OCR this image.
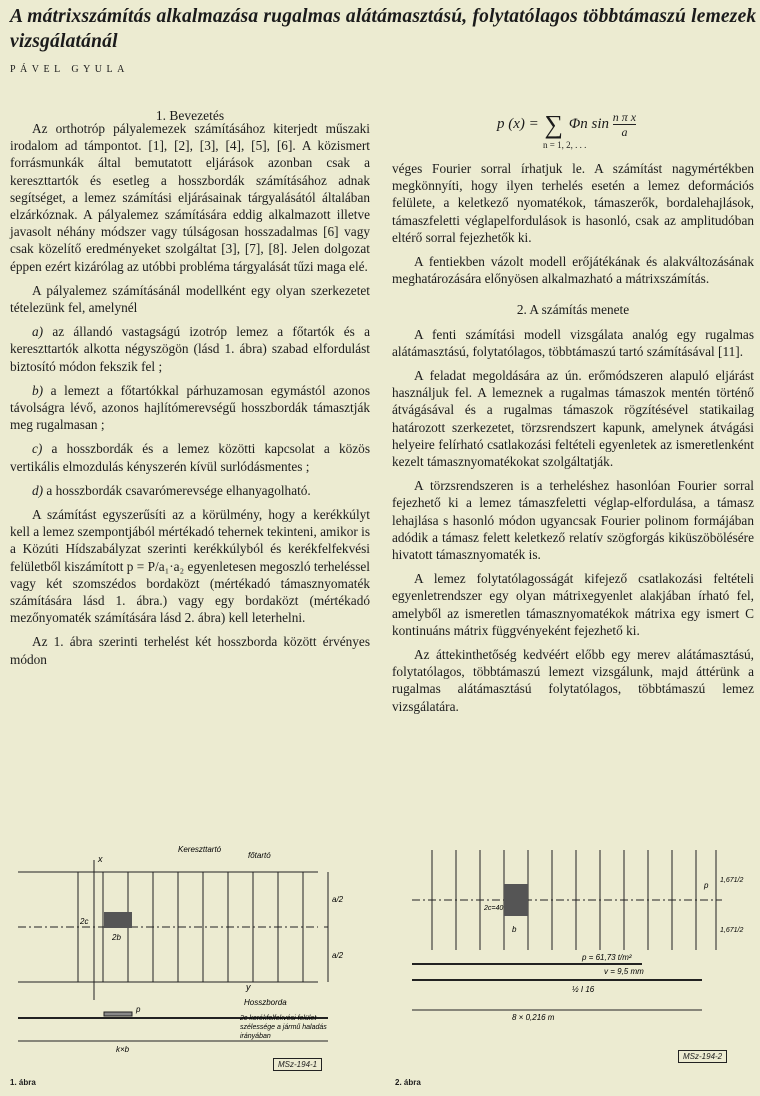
A mátrixszámítás alkalmazása rugalmas alátámasztású, folytatólagos többtámaszú lemezek vizsgálatánál
PÁVEL GYULA
1. Bevezetés

Az orthotróp pályalemezek számításához kiterjedt műszaki irodalom ad támpontot. [1], [2], [3], [4], [5], [6]. A közismert forrásmunkák által bemutatott eljárások azonban csak a kereszttartók és esetleg a hosszbordák számításához adnak segítséget, a lemez számítási eljárásainak tárgyalásától általában elzárkóznak. A pályalemez számítására eddig alkalmazott illetve javasolt néhány módszer vagy túlságosan hosszadalmas [6] vagy csak közelítő eredményeket szolgáltat [3], [7], [8]. Jelen dolgozat éppen ezért kizárólag az utóbbi probléma tárgyalását tűzi maga elé.

A pályalemez számításánál modellként egy olyan szerkezetet tételezünk fel, amelynél

a) az állandó vastagságú izotróp lemez a főtartók és a kereszttartók alkotta négyszögön (lásd 1. ábra) szabad elfordulást biztosító módon fekszik fel ;

b) a lemezt a főtartókkal párhuzamosan egymástól azonos távolságra lévő, azonos hajlítómerevségű hosszbordák támasztják meg rugalmasan ;

c) a hosszbordák és a lemez közötti kapcsolat a közös vertikális elmozdulás kényszerén kívül surlódásmentes ;

d) a hosszbordák csavarómerevsége elhanyagolható.

A számítást egyszerűsíti az a körülmény, hogy a kerékkúlyt kell a lemez szempontjából mértékadó tehernek tekinteni, amikor is a Közúti Hídszabályzat szerinti kerékkúlyból és kerékfelfekvési felületből kiszámított p = P/a₁·a₂ egyenletesen megoszló terheléssel vagy két szomszédos bordaközt (mértékadó támasznyomaték számítására lásd 1. ábra.) vagy egy bordaközt (mértékadó mezőnyomaték számítására lásd 2. ábra) kell leterhelni.

Az 1. ábra szerinti terhelést két hosszborda között érvényes módon

p (x) = ∑ Φn $\sin \frac{\text{n π x}}{a}$
n = 1, 2, . . .

véges Fourier sorral írhatjuk le. A számítást nagymértékben megkönnyíti, hogy ilyen terhelés esetén a lemez deformációs felülete, a keletkező nyomatékok, támaszerők, bordalehajlások, támaszfeletti véglapelfordulások is hasonló, csak az amplitudóban eltérő sorral fejezhetők ki.

A fentiekben vázolt modell erőjátékának és alakváltozásának meghatározására előnyösen alkalmazható a mátrixszámítás.

2. A számítás menete

A fenti számítási modell vizsgálata analóg egy rugalmas alátámasztású, folytatólagos, többtámaszú tartó számításával [11].

A feladat megoldására az ún. erőmódszeren alapuló eljárást használjuk fel. A lemeznek a rugalmas támaszok mentén történő átvágásával és a rugalmas támaszok rögzítésével statikailag határozott szerkezetet, törzsrendszert kapunk, amelynek átvágási helyeire felírható csatlakozási feltételi egyenletek az ismeretlenként kezelt támasznyomatékokat szolgáltatják.

A törzsrendszeren is a terheléshez hasonlóan Fourier sorral fejezhető ki a lemez támaszfeletti véglap-elfordulása, a támasz lehajlása s hasonló módon ugyancsak Fourier polinom formájában adódik a támasz felett keletkező relatív szögforgás kiküszöbölésére hivatott támasznyomaték is.

A lemez folytatólagosságát kifejező csatlakozási feltételi egyenletrendszer egy olyan mátrixegyenlet alakjában írható fel, amelyből az ismeretlen támasznyomatékok mátrixa egy ismert C kontinuáns mátrix függvényeként fejezhető ki.

Az áttekinthetőség kedvéért előbb egy merev alátámasztású, folytatólagos, többtámaszú lemezt vizsgálunk, majd áttérünk a rugalmas alátámasztású folytatólagos, többtámaszú lemez vizsgálatára.

x
Kereszttartó
főtartó
2c
2b
a/2
a/2
y
Hosszborda
p
k×b
2c kerékfelfekvési felület
szélessége a jármű haladás
irányában
MSz-194-1
1. ábra
2c=40
b
p
1,671/2
1,671/2
p = 61,73 t/m²
v = 9,5 mm
½ I 16
8 × 0,216 m
MSz-194-2
2. ábra
